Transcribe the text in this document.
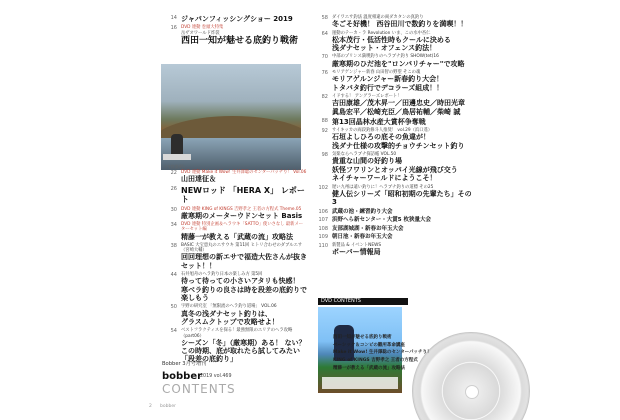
14 ジャパンフィッシングショー 2019
16 DVD 連動 巻頭大特集
岳ザオワールド炸裂
西田一知が魅せる底釣り戦術
（内容説明）
22 DVD 連動 Make it Wow! 生井澤聡のセンターパッチり！ Vol.06
山田達征＆
26 NEWロッド 「HERA X」 レポート
30 DVD 連動 KING of KINGS 吉野孝之 王者の方程式 Theme.05
厳寒期のメーターウドンセット Basis
34 DVD 連動 特別企画＆ヘラウキ「SATTO」使いさなし 最新メーターセット編
精藤一が教える「武蔵の流」攻略法
38 BASIC 大宝恵丸のエサウキ 第11回 ヒトリ合わせのダブルエサ（宮崎大輔）
回回理想の新エサで福造大佐さんが抜きセット！！
44 石井旭舟のヘラ釣り日本の楽しみ方 第5回
待って待っての小さいアタリも快感！
寒ベラ釣りの良さは時を段差の底釣りで楽しもう
50 宇野の研究室 「無限流のヘラ釣り道場」 VOL.06
真冬の浅ダナセット釣りは、
グラスムクトップで攻略せよ！
54 ベストフラクティスを探る！最強無限のエリアのヘラ攻略（part06）
シーズン「冬」（厳寒期）ある！ ない？
この時期、底が取れたら試してみたい「段差の底釣り」
Bobber 3月号増刊
bobber
2019 vol.469
CONTENTS
2 bobber
58 ダイワエサ釣法 温度相違の両ダカタンの真釣り
冬ごそ好機！ 西谷田川で数釣りを満喫！！
64 運動のテーカ・ラ Revolution いま、この水中杏仁
松本茂行・低活性時もクールに決める
浅ダナセット・オフェンス釣法！
70 中部のプリンス満喫釣りのヘラブナ釣り SHOW(tet)16
厳寒期のひだ池を"ロンバリチャー"で攻略
76 モリアゲンジャー新春 山田智の野望 そこの魂
モリアゲルンジャー新春釣り大会！
トタバタ釣行でデコラーズ組成！！
82 イドする！ アングラーズレポート！
吉田康雄／茂木昇一／田邊忠史／時田光章
眞島宏平／松崎充臣／鳥居祐輔／柴崎 誠
88 第13回晶林水産大賞杯争奪戦
92 サイキッカの両段釣修斗人推奨！ vol.29（浜口遥）
石垣よしひろの底その魚違が！
浅ダナ仕様の攻撃的チョウチンセット釣り
98 気楽ならヘラブナ探訪帳 VOL.50
貴重な山間の好釣り場
妖怪フワリンとオッパイ光線が飛び交う
ネイチャーワールドにようこそ！
102 遅い九州は遠い釣りに！ヘラブナ釣りの道標 その25
健人伝シリーズ「昭和初期の先輩たち」その3
106 武蔵の池・練習釣り大会
107 浜野へら新センター・大賞5 枚狭量大会
108 友部湖城湖・新春お年玉大会
109 朝日池・新春お年玉大会
110 新製品 & イベントNEWS
ボーバー情報局
DVD CONTENTS
西田一知が魅せる底釣り戦術
ベーシック＆コンピの難所革命講座
Make it Wow! 生井澤聡のセンターパッチり！
KING of KINGS 吉野孝之 王者の方程式
精藤一が教える「武蔵の流」攻略法
